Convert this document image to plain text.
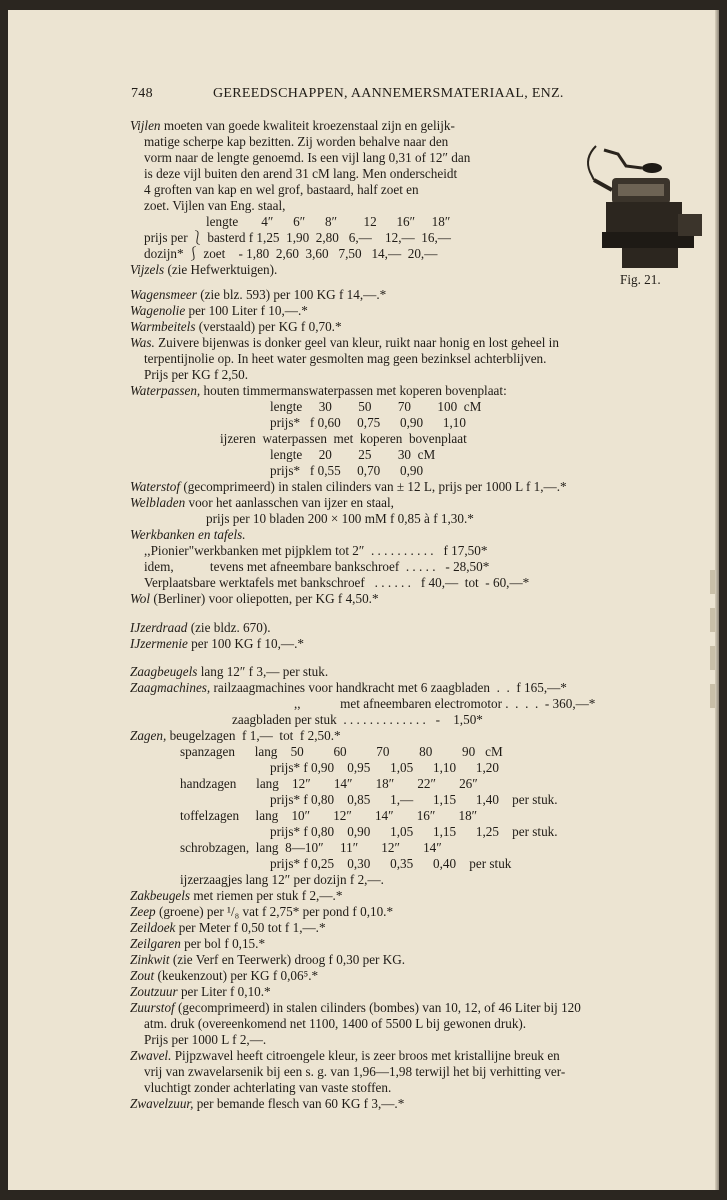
748	GEREEDSCHAPPEN, AANNEMERSMATERIAAL, ENZ.
Vijlen moeten van goede kwaliteit kroezenstaal zijn en gelijk-
matige scherpe kap bezitten. Zij worden behalve naar den
vorm naar de lengte genoemd. Is een vijl lang 0,31 of 12″ dan
is deze vijl buiten den arend 31 cM lang. Men onderscheidt
4 groften van kap en wel grof, bastaard, half zoet en
zoet. Vijlen van Eng. staal,
lengte       4″      6″      8″        12      16″     18″
prijs per ⎱ basterd f 1,25  1,90  2,80   6,—    12,—  16,—
dozijn* ⎰ zoet    - 1,80  2,60  3,60   7,50   14,—  20,—
Vijzels (zie Hefwerktuigen).
Fig. 21.
Wagensmeer (zie blz. 593) per 100 KG f 14,—.*
Wagenolie per 100 Liter f 10,—.*
Warmbeitels (verstaald) per KG f 0,70.*
Was. Zuivere bijenwas is donker geel van kleur, ruikt naar honig en lost geheel in
terpentijnolie op. In heet water gesmolten mag geen bezinksel achterblijven.
Prijs per KG f 2,50.
Waterpassen, houten timmermanswaterpassen met koperen bovenplaat:
lengte     30        50        70        100  cM
prijs*   f 0,60     0,75      0,90      1,10
ijzeren  waterpassen  met  koperen  bovenplaat
lengte     20        25        30  cM
prijs*   f 0,55     0,70      0,90
Waterstof (gecomprimeerd) in stalen cilinders van ± 12 L, prijs per 1000 L f 1,—.*
Welbladen voor het aanlasschen van ijzer en staal,
prijs per 10 bladen 200 × 100 mM f 0,85 à f 1,30.*
Werkbanken en tafels.
,,Pionier"werkbanken met pijpklem tot 2″  . . . . . . . . . .   f 17,50*
idem,           tevens met afneembare bankschroef  . . . . .   - 28,50*
Verplaatsbare werktafels met bankschroef   . . . . . .   f 40,—  tot  - 60,—*
Wol (Berliner) voor oliepotten, per KG f 4,50.*
IJzerdraad (zie bldz. 670).
IJzermenie per 100 KG f 10,—.*
Zaagbeugels lang 12″ f 3,— per stuk.
Zaagmachines, railzaagmachines voor handkracht met 6 zaagbladen  .  .  f 165,—*
,,            met afneembaren electromotor .  .  .  .  - 360,—*
zaagbladen per stuk  . . . . . . . . . . . . .   -    1,50*
Zagen, beugelzagen  f 1,—  tot  f 2,50.*
spanzagen      lang    50         60         70         80         90   cM
prijs* f 0,90    0,95      1,05      1,10      1,20
handzagen      lang    12″       14″       18″       22″       26″
prijs* f 0,80    0,85      1,—      1,15      1,40    per stuk.
toffelzagen     lang    10″       12″       14″       16″       18″
prijs* f 0,80    0,90      1,05      1,15      1,25    per stuk.
schrobzagen,  lang  8—10″     11″       12″       14″
prijs* f 0,25    0,30      0,35      0,40    per stuk
ijzerzaagjes lang 12″ per dozijn f 2,—.
Zakbeugels met riemen per stuk f 2,—.*
Zeep (groene) per ¹/₈ vat f 2,75* per pond f 0,10.*
Zeildoek per Meter f 0,50 tot f 1,—.*
Zeilgaren per bol f 0,15.*
Zinkwit (zie Verf en Teerwerk) droog f 0,30 per KG.
Zout (keukenzout) per KG f 0,06⁵.*
Zoutzuur per Liter f 0,10.*
Zuurstof (gecomprimeerd) in stalen cilinders (bombes) van 10, 12, of 46 Liter bij 120
atm. druk (overeenkomend net 1100, 1400 of 5500 L bij gewonen druk).
Prijs per 1000 L f 2,—.
Zwavel. Pijpzwavel heeft citroengele kleur, is zeer broos met kristallijne breuk en
vrij van zwavelarsenik bij een s. g. van 1,96—1,98 terwijl het bij verhitting ver-
vluchtigt zonder achterlating van vaste stoffen.
Zwavelzuur, per bemande flesch van 60 KG f 3,—.*
